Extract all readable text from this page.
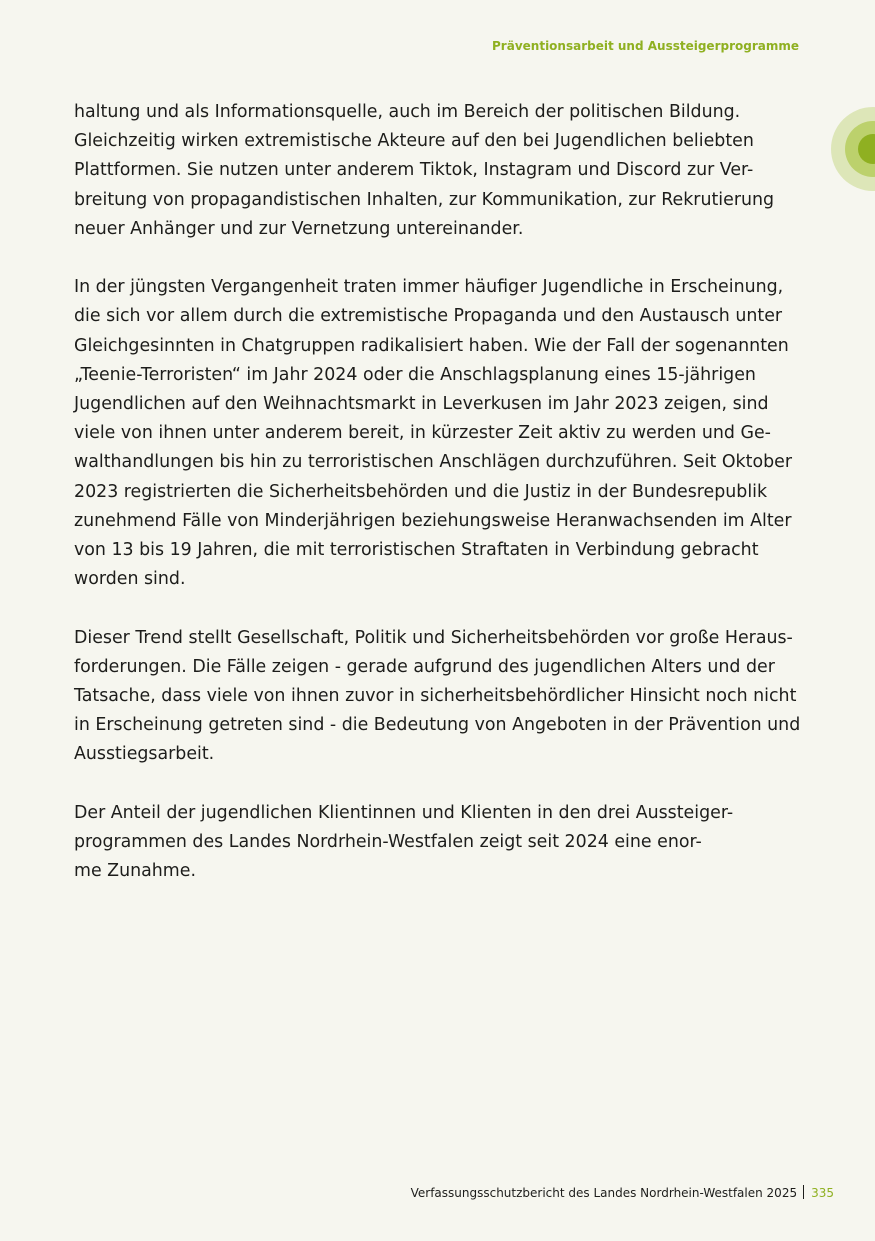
Präventionsarbeit und Aussteigerprogramme

haltung und als Informationsquelle, auch im Bereich der politischen Bildung.
Gleichzeitig wirken extremistische Akteure auf den bei Jugendlichen beliebten
Plattformen. Sie nutzen unter anderem Tiktok, Instagram und Discord zur Ver-
breitung von propagandistischen Inhalten, zur Kommunikation, zur Rekrutierung
neuer Anhänger und zur Vernetzung untereinander.

In der jüngsten Vergangenheit traten immer häufiger Jugendliche in Erscheinung,
die sich vor allem durch die extremistische Propaganda und den Austausch unter
Gleichgesinnten in Chatgruppen radikalisiert haben. Wie der Fall der sogenannten
„Teenie-Terroristen“ im Jahr 2024 oder die Anschlagsplanung eines 15-jährigen
Jugendlichen auf den Weihnachtsmarkt in Leverkusen im Jahr 2023 zeigen, sind
viele von ihnen unter anderem bereit, in kürzester Zeit aktiv zu werden und Ge-
walthandlungen bis hin zu terroristischen Anschlägen durchzuführen. Seit Oktober
2023 registrierten die Sicherheitsbehörden und die Justiz in der Bundesrepublik
zunehmend Fälle von Minderjährigen beziehungsweise Heranwachsenden im Alter
von 13 bis 19 Jahren, die mit terroristischen Straftaten in Verbindung gebracht
worden sind.

Dieser Trend stellt Gesellschaft, Politik und Sicherheitsbehörden vor große Heraus-
forderungen. Die Fälle zeigen - gerade aufgrund des jugendlichen Alters und der
Tatsache, dass viele von ihnen zuvor in sicherheitsbehördlicher Hinsicht noch nicht
in Erscheinung getreten sind - die Bedeutung von Angeboten in der Prävention und
Ausstiegsarbeit.

Der Anteil der jugendlichen Klientinnen und Klienten in den drei Aussteiger-
programmen des Landes Nordrhein-Westfalen zeigt seit 2024 eine enor-
me Zunahme.

Verfassungsschutzbericht des Landes Nordrhein-Westfalen 2025 335
